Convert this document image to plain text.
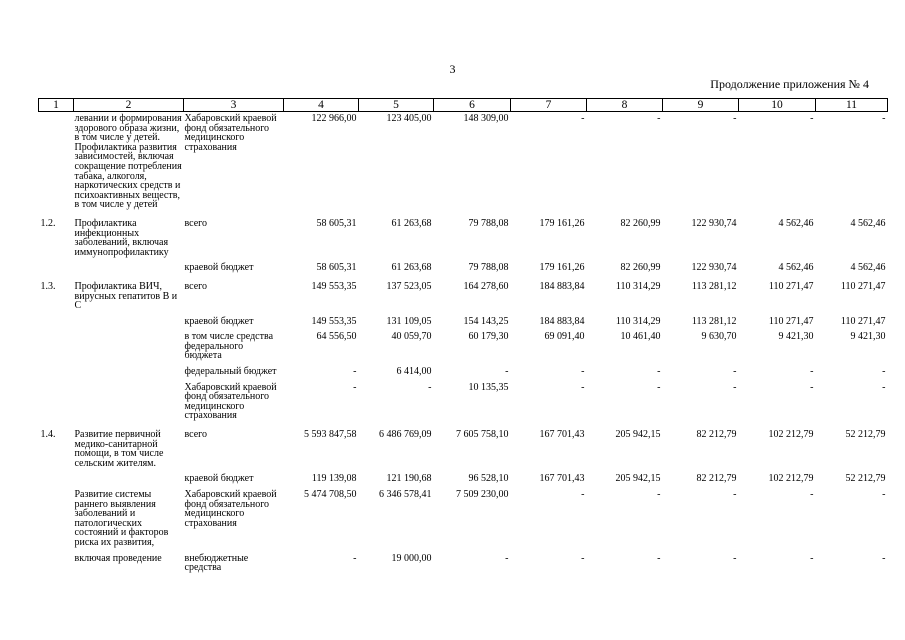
3
Продолжение приложения № 4
1	2	3	4	5	6	7	8	9	10	11
	левании и формирования здорового образа жизни, в том числе у детей. Профилактика развития зависимостей, включая сокращение потребления табака, алкоголя, наркотических средств и психоактивных веществ, в том числе у детей	Хабаровский краевой фонд обязательного медицинского страхования	122 966,00	123 405,00	148 309,00	-	-	-	-	-
1.2.	Профилактика инфекционных заболеваний, включая иммунопрофилактику	всего	58 605,31	61 263,68	79 788,08	179 161,26	82 260,99	122 930,74	4 562,46	4 562,46
		краевой бюджет	58 605,31	61 263,68	79 788,08	179 161,26	82 260,99	122 930,74	4 562,46	4 562,46
1.3.	Профилактика ВИЧ, вирусных гепатитов В и С	всего	149 553,35	137 523,05	164 278,60	184 883,84	110 314,29	113 281,12	110 271,47	110 271,47
		краевой бюджет	149 553,35	131 109,05	154 143,25	184 883,84	110 314,29	113 281,12	110 271,47	110 271,47
		в том числе средства федерального бюджета	64 556,50	40 059,70	60 179,30	69 091,40	10 461,40	9 630,70	9 421,30	9 421,30
		федеральный бюджет	-	6 414,00	-	-	-	-	-	-
		Хабаровский краевой фонд обязательного медицинского страхования	-	-	10 135,35	-	-	-	-	-
1.4.	Развитие первичной медико-санитарной помощи, в том числе сельским жителям.	всего	5 593 847,58	6 486 769,09	7 605 758,10	167 701,43	205 942,15	82 212,79	102 212,79	52 212,79
		краевой бюджет	119 139,08	121 190,68	96 528,10	167 701,43	205 942,15	82 212,79	102 212,79	52 212,79
	Развитие системы раннего выявления заболеваний и патологических состояний и факторов риска их развития,	Хабаровский краевой фонд обязательного медицинского страхования	5 474 708,50	6 346 578,41	7 509 230,00	-	-	-	-	-
	включая проведение	внебюджетные средства	-	19 000,00	-	-	-	-	-	-
